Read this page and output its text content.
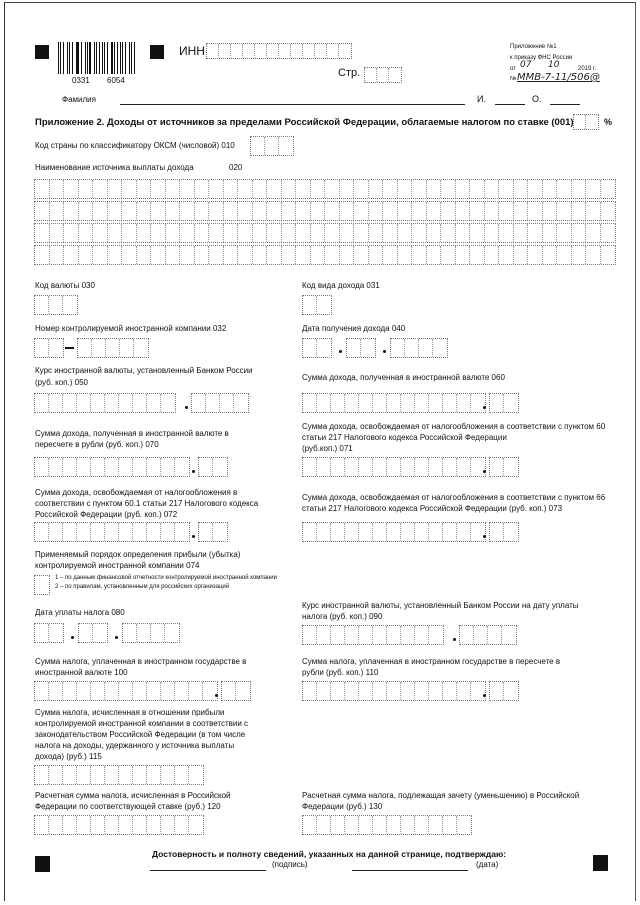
0331 6054
ИНН
Стр.
Приложение №1
к приказу ФНС России
от 07 10	2019 г.
№ ММВ-7-11/506@
Фамилия	И.	О.
Приложение 2. Доходы от источников за пределами Российской Федерации, облагаемые налогом по ставке (001)	%
Код страны по классификатору ОКСМ (числовой) 010
Наименование источника выплаты дохода	020
Код валюты 030	Код вида дохода 031
Номер контролируемой иностранной компании 032	Дата получения дохода 040
Курс иностранной валюты, установленный Банком России
(руб. коп.) 050
Сумма дохода, полученная в иностранной валюте 060
Сумма дохода, полученная в иностранной валюте в
пересчете в рубли (руб. коп.) 070
Сумма дохода, освобождаемая от налогообложения в соответствии с пунктом 60
статьи 217 Налогового кодекса Российской Федерации
(руб.коп.) 071
Сумма дохода, освобождаемая от налогообложения в
соответствии с пунктом 60.1 статьи 217 Налогового кодекса
Российской Федерации (руб. коп.) 072
Сумма дохода, освобождаемая от налогообложения в соответствии с пунктом 66
статьи 217 Налогового кодекса Российской Федерации (руб. коп.) 073
Применяемый порядок определения прибыли (убытка)
контролируемой иностранной компании 074
1 – по данным финансовой отчетности контролируемой иностранной компании
2 – по правилам, установленным для российских организаций
Дата уплаты налога 080
Курс иностранной валюты, установленный Банком России на дату уплаты
налога (руб. коп.) 090
Сумма налога, уплаченная в иностранном государстве в
иностранной валюте 100
Сумма налога, уплаченная в иностранном государстве в пересчете в
рубли (руб. коп.) 110
Сумма налога, исчисленная в отношении прибыли
контролируемой иностранной компании в соответствии с
законодательством Российской Федерации (в том числе
налога на доходы, удержанного у источника выплаты
дохода) (руб.) 115
Расчетная сумма налога, исчисленная в Российской
Федерации по соответствующей ставке (руб.) 120
Расчетная сумма налога, подлежащая зачету (уменьшению) в Российской
Федерации (руб.) 130
Достоверность и полноту сведений, указанных на данной странице, подтверждаю:
(подпись)	(дата)
